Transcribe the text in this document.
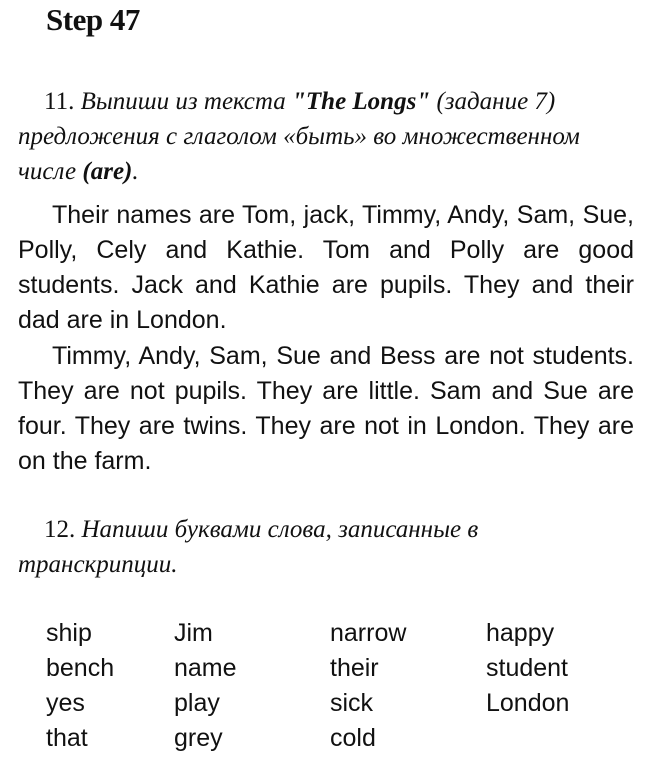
Step 47

11. Выпиши из текста "The Longs" (задание 7) предложения с глаголом «быть» во множественном числе (are).

Their names are Tom, jack, Timmy, Andy, Sam, Sue, Polly, Cely and Kathie. Tom and Polly are good students. Jack and Kathie are pupils. They and their dad are in London.

Timmy, Andy, Sam, Sue and Bess are not students. They are not pupils. They are little. Sam and Sue are four. They are twins. They are not in London. They are on the farm.

12. Напиши буквами слова, записанные в транскрипции.

ship
bench
yes
that
Jim
name
play
grey
narrow
their
sick
cold
happy
student
London
